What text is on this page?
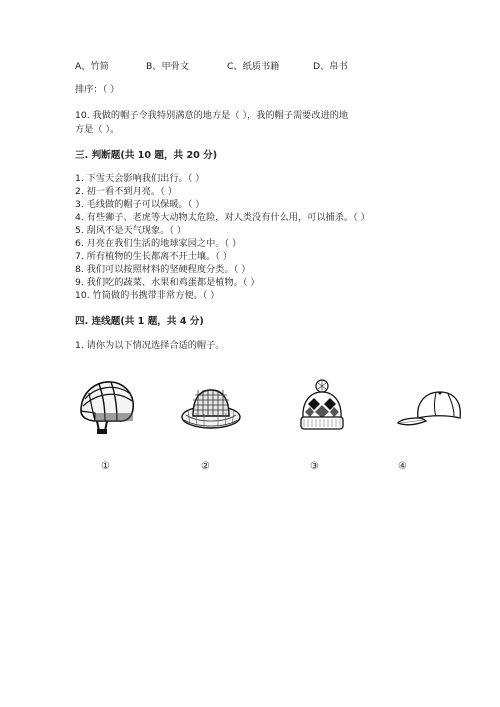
A、竹简	B、甲骨文	C、纸质书籍	D、帛书
排序：（ ）
10. 我做的帽子令我特别满意的地方是（ ），我的帽子需要改进的地
方是（ ）。
三. 判断题(共 10 题，共 20 分)
1. 下雪天会影响我们出行。（ ）
2. 初一看不到月亮。（ ）
3. 毛线做的帽子可以保暖。（ ）
4. 有些狮子、老虎等大动物太危险，对人类没有什么用，可以捕杀。（ ）
5. 刮风不是天气现象。（ ）
6. 月亮在我们生活的地球家园之中。（ ）
7. 所有植物的生长都离不开土壤。（ ）
8. 我们可以按照材料的坚硬程度分类。（ ）
9. 我们吃的蔬菜、水果和鸡蛋都是植物。（ ）
10. 竹筒做的书携带非常方便。（ ）
四. 连线题(共 1 题，共 4 分)
1. 请你为以下情况选择合适的帽子。
①	②	③	④
